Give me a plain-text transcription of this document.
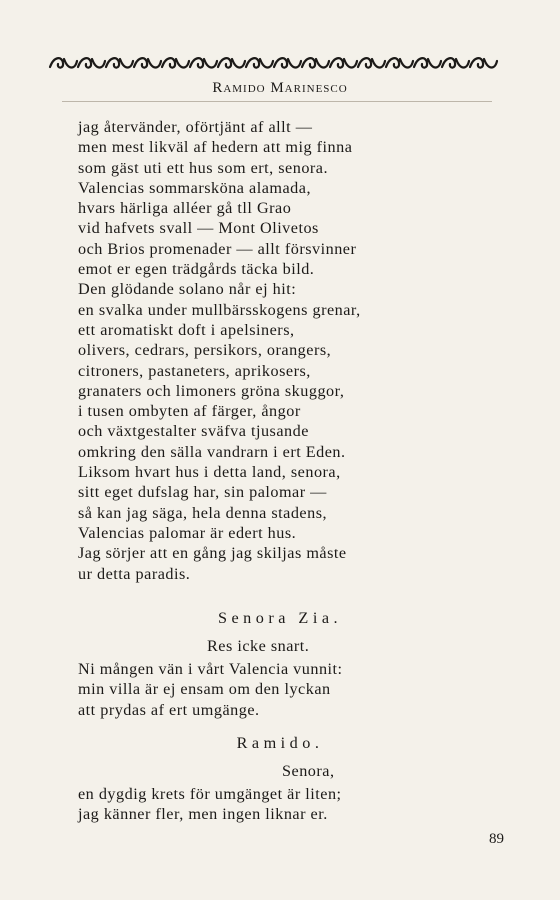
Ramido Marinesco
jag återvänder, oförtjänt af allt —
men mest likväl af hedern att mig finna
som gäst uti ett hus som ert, senora.
Valencias sommarsköna alamada,
hvars härliga alléer gå tll Grao
vid hafvets svall — Mont Olivetos
och Brios promenader — allt försvinner
emot er egen trädgårds täcka bild.
Den glödande solano når ej hit:
en svalka under mullbärsskogens grenar,
ett aromatiskt doft i apelsiners,
olivers, cedrars, persikors, orangers,
citroners, pastaneters, aprikosers,
granaters och limoners gröna skuggor,
i tusen ombyten af färger, ångor
och växtgestalter sväfva tjusande
omkring den sälla vandrarn i ert Eden.
Liksom hvart hus i detta land, senora,
sitt eget dufslag har, sin palomar —
så kan jag säga, hela denna stadens,
Valencias palomar är edert hus.
Jag sörjer att en gång jag skiljas måste
ur detta paradis.
Senora Zia.
Res icke snart.
Ni mången vän i vårt Valencia vunnit:
min villa är ej ensam om den lyckan
att prydas af ert umgänge.
Ramido.
Senora,
en dygdig krets för umgänget är liten;
jag känner fler, men ingen liknar er.
89
